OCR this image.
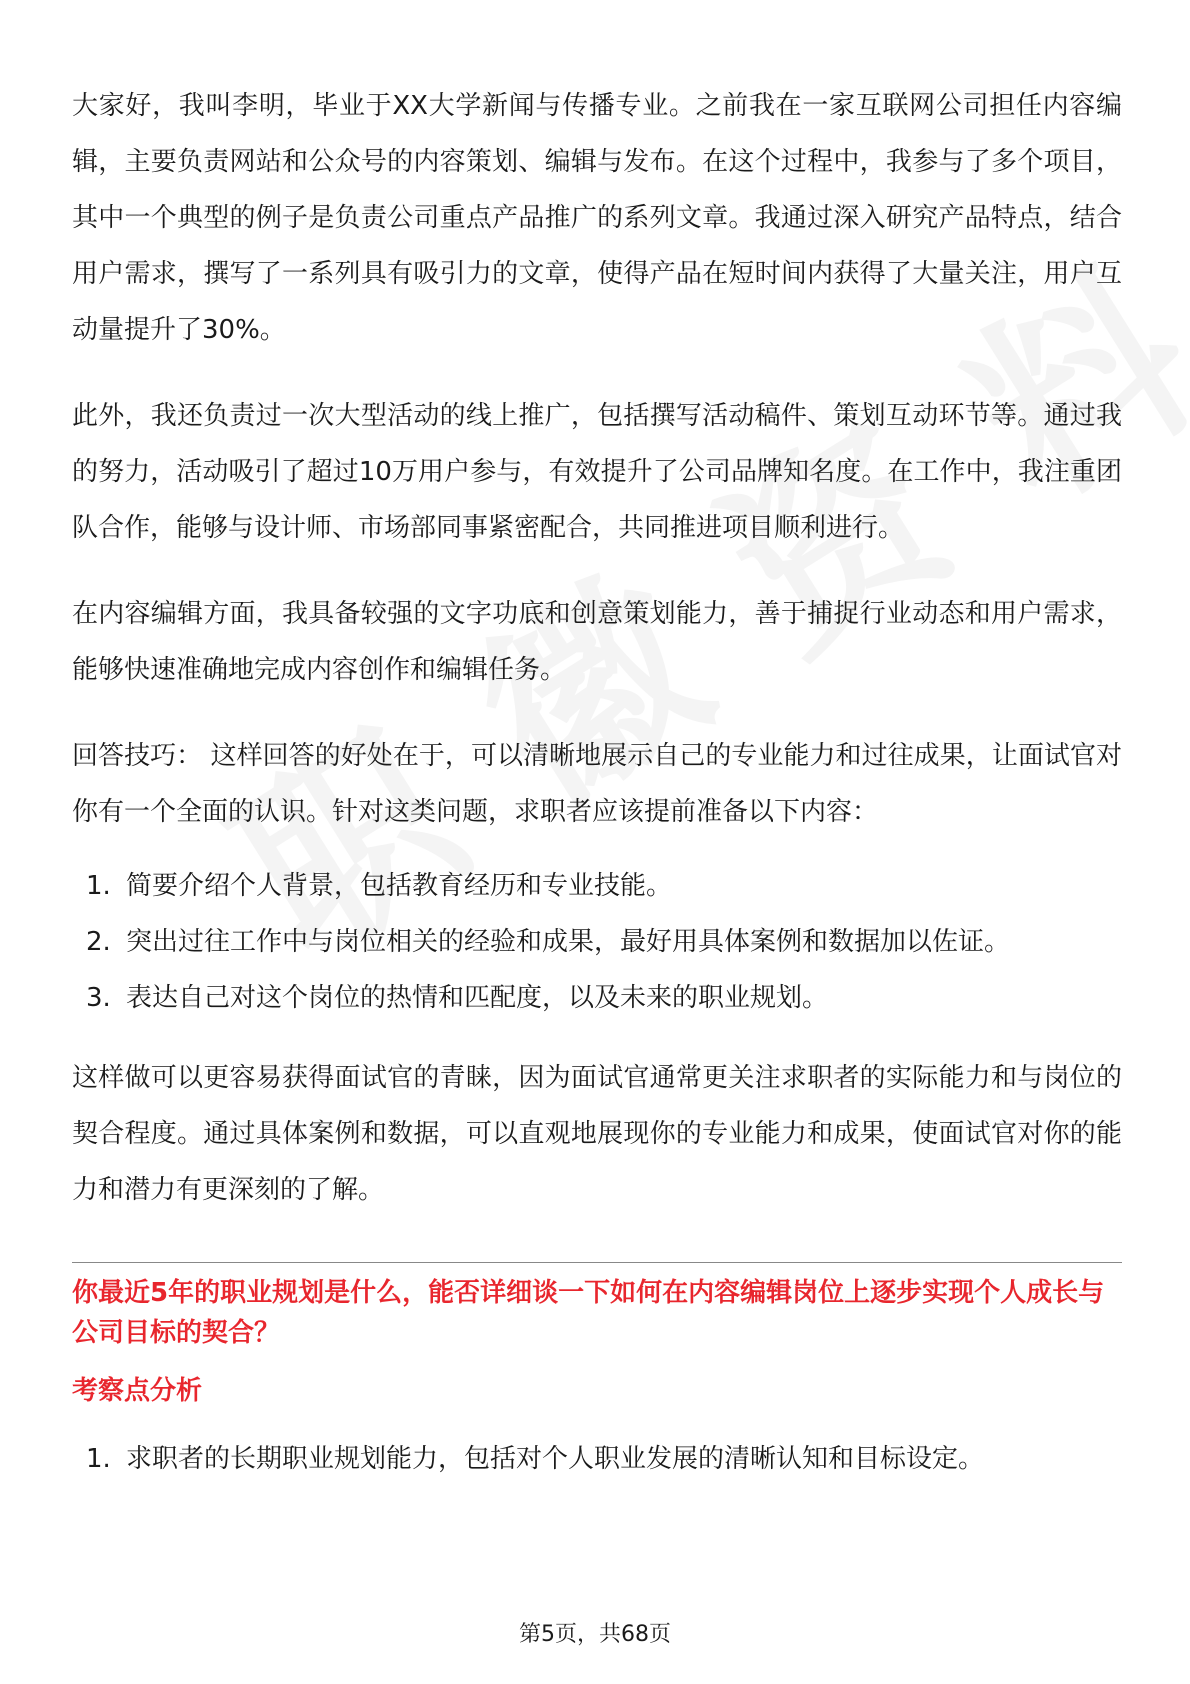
大家好，我叫李明，毕业于XX大学新闻与传播专业。之前我在一家互联网公司担任内容编辑，主要负责网站和公众号的内容策划、编辑与发布。在这个过程中，我参与了多个项目，其中一个典型的例子是负责公司重点产品推广的系列文章。我通过深入研究产品特点，结合用户需求，撰写了一系列具有吸引力的文章，使得产品在短时间内获得了大量关注，用户互动量提升了30%。

此外，我还负责过一次大型活动的线上推广，包括撰写活动稿件、策划互动环节等。通过我的努力，活动吸引了超过10万用户参与，有效提升了公司品牌知名度。在工作中，我注重团队合作，能够与设计师、市场部同事紧密配合，共同推进项目顺利进行。

在内容编辑方面，我具备较强的文字功底和创意策划能力，善于捕捉行业动态和用户需求，能够快速准确地完成内容创作和编辑任务。

回答技巧： 这样回答的好处在于，可以清晰地展示自己的专业能力和过往成果，让面试官对你有一个全面的认识。针对这类问题，求职者应该提前准备以下内容：

1. 简要介绍个人背景，包括教育经历和专业技能。
2. 突出过往工作中与岗位相关的经验和成果，最好用具体案例和数据加以佐证。
3. 表达自己对这个岗位的热情和匹配度，以及未来的职业规划。

这样做可以更容易获得面试官的青睐，因为面试官通常更关注求职者的实际能力和与岗位的契合程度。通过具体案例和数据，可以直观地展现你的专业能力和成果，使面试官对你的能力和潜力有更深刻的了解。

你最近5年的职业规划是什么，能否详细谈一下如何在内容编辑岗位上逐步实现个人成长与公司目标的契合？

考察点分析

1. 求职者的长期职业规划能力，包括对个人职业发展的清晰认知和目标设定。
第5页，共68页
